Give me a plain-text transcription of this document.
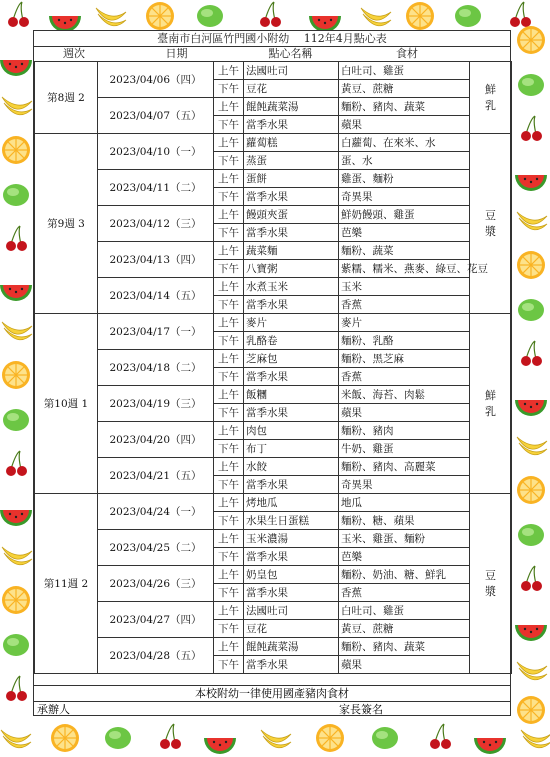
臺南市白河區竹門國小附幼　 112年4月點心表
週次	日期	點心名稱	食材
第8週 2	2023/04/06（四）	上午	法國吐司	白吐司、雞蛋	鮮乳

		下午	豆花	黃豆、蔗糖	
	2023/04/07（五）	上午	餛飩蔬菜湯	麵粉、豬肉、蔬菜	
		下午	當季水果	蘋果	
第9週 3	2023/04/10（一）	上午	蘿蔔糕	白蘿蔔、在來米、水	豆漿

		下午	蒸蛋	蛋、水	
	2023/04/11（二）	上午	蛋餅	雞蛋、麵粉	
		下午	當季水果	奇異果	
	2023/04/12（三）	上午	饅頭夾蛋	鮮奶饅頭、雞蛋	
		下午	當季水果	芭樂	
	2023/04/13（四）	上午	蔬菜麵	麵粉、蔬菜	
		下午	八寶粥	紫糯、糯米、燕麥、綠豆、花豆	
	2023/04/14（五）	上午	水煮玉米	玉米	
		下午	當季水果	香蕉	
第10週 1	2023/04/17（一）	上午	麥片	麥片	鮮乳

		下午	乳酪卷	麵粉、乳酪	
	2023/04/18（二）	上午	芝麻包	麵粉、黑芝麻	
		下午	當季水果	香蕉	
	2023/04/19（三）	上午	飯糰	米飯、海苔、肉鬆	
		下午	當季水果	蘋果	
	2023/04/20（四）	上午	肉包	麵粉、豬肉	
		下午	布丁	牛奶、雞蛋	
	2023/04/21（五）	上午	水餃	麵粉、豬肉、高麗菜	
		下午	當季水果	奇異果	
第11週 2	2023/04/24（一）	上午	烤地瓜	地瓜	豆漿

		下午	水果生日蛋糕	麵粉、糖、蘋果	
	2023/04/25（二）	上午	玉米濃湯	玉米、雞蛋、麵粉	
		下午	當季水果	芭樂	
	2023/04/26（三）	上午	奶皇包	麵粉、奶油、糖、鮮乳	
		下午	當季水果	香蕉	
	2023/04/27（四）	上午	法國吐司	白吐司、雞蛋	
		下午	豆花	黃豆、蔗糖	
	2023/04/28（五）	上午	餛飩蔬菜湯	麵粉、豬肉、蔬菜	
		下午	當季水果	蘋果	
本校附幼一律使用國產豬肉食材
承辦人	家長簽名
